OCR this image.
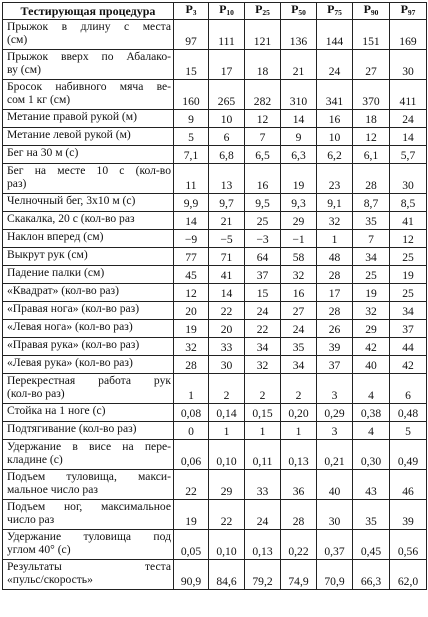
Тестирующая процедура	$P_3$	$P_{10}$	$P_{25}$	$P_{50}$	$P_{75}$	$P_{90}$	$P_{97}$

Прыжок в длину с места
(см)	97	111	121	136	144	151	169

Прыжок вверх по Абалако-
ву (см)	15	17	18	21	24	27	30

Бросок набивного мяча ве-
сом 1 кг (см)	160	265	282	310	341	370	411

Метание правой рукой (м)	9	10	12	14	16	18	24

Метание левой рукой (м)	5	6	7	9	10	12	14

Бег на 30 м (с)	7,1	6,8	6,5	6,3	6,2	6,1	5,7

Бег на месте 10 с (кол-во
раз)	11	13	16	19	23	28	30

Челночный бег, 3х10 м (с)	9,9	9,7	9,5	9,3	9,1	8,7	8,5

Скакалка, 20 с (кол-во раз	14	21	25	29	32	35	41

Наклон вперед (см)	−9	−5	−3	−1	1	7	12

Выкрут рук (см)	77	71	64	58	48	34	25

Падение палки (см)	45	41	37	32	28	25	19

«Квадрат» (кол-во раз)	12	14	15	16	17	19	25

«Правая нога» (кол-во раз)	20	22	24	27	28	32	34

«Левая нога» (кол-во раз)	19	20	22	24	26	29	37

«Правая рука» (кол-во раз)	32	33	34	35	39	42	44

«Левая рука» (кол-во раз)	28	30	32	34	37	40	42

Перекрестная работа рук
(кол-во раз)	1	2	2	2	3	4	6

Стойка на 1 ноге (с)	0,08	0,14	0,15	0,20	0,29	0,38	0,48

Подтягивание (кол-во раз)	0	1	1	1	3	4	5

Удержание в висе на пере-
кладине (с)	0,06	0,10	0,11	0,13	0,21	0,30	0,49

Подъем туловища, макси-
мальное число раз	22	29	33	36	40	43	46

Подъем ног, максимальное
число раз	19	22	24	28	30	35	39

Удержание туловища под
углом 40° (с)	0,05	0,10	0,13	0,22	0,37	0,45	0,56

Результаты теста
«пульс/скорость»	90,9	84,6	79,2	74,9	70,9	66,3	62,0
